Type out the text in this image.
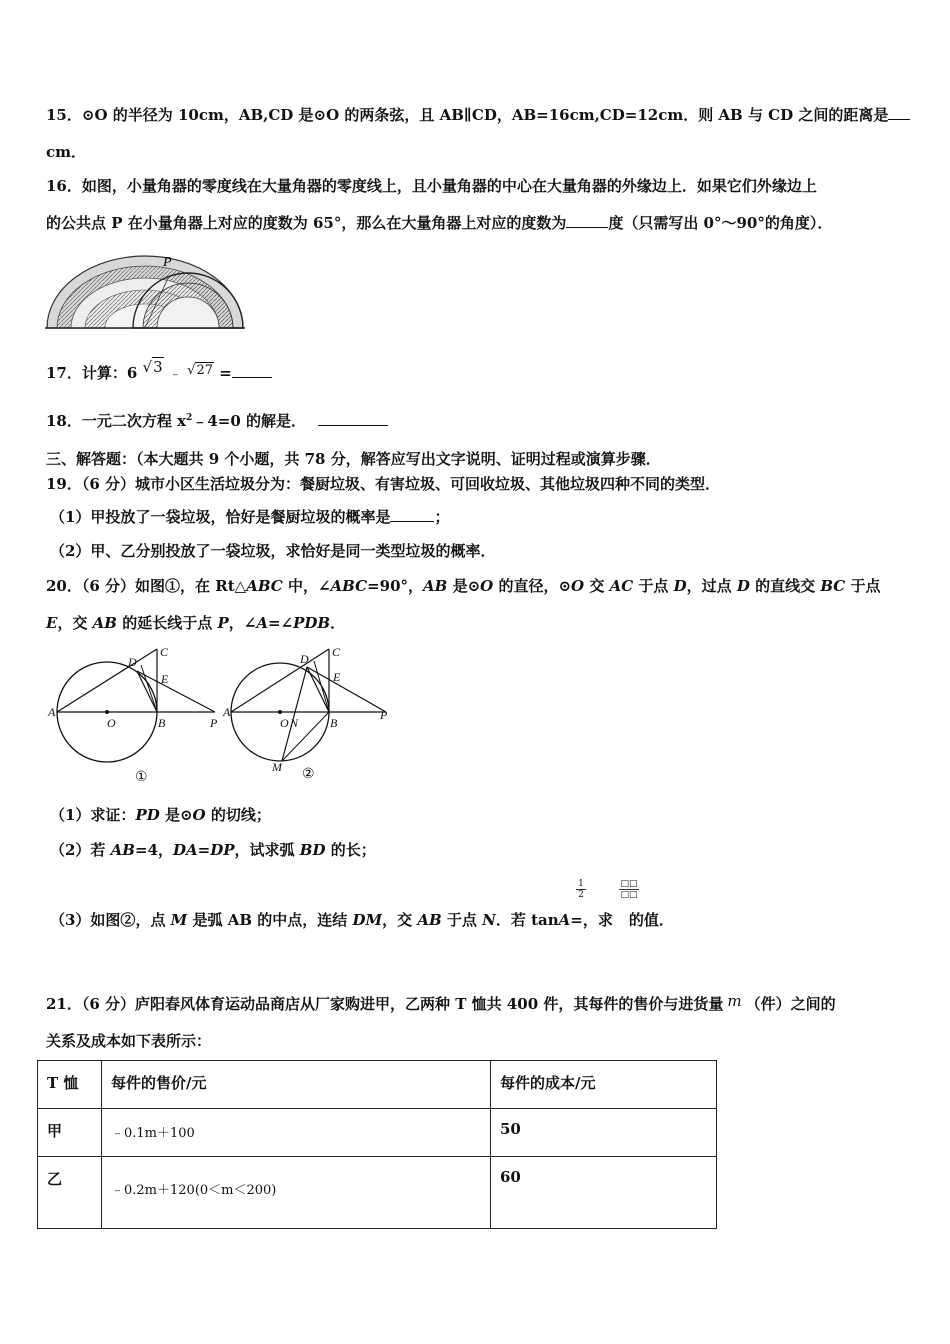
15．⊙O 的半径为 10cm，AB,CD 是⊙O 的两条弦，且 AB∥CD，AB=16cm,CD=12cm．则 AB 与 CD 之间的距离是
cm．
16．如图，小量角器的零度线在大量角器的零度线上，且小量角器的中心在大量角器的外缘边上．如果它们外缘边上
的公共点 P 在小量角器上对应的度数为 65°，那么在大量角器上对应的度数为	度（只需写出 0°～90°的角度）．
P
17．计算：6 √3 ﹣ √27 =
18．一元二次方程 $x^2﹣4=0$ 的解是．
三、解答题：（本大题共 9 个小题，共 78 分，解答应写出文字说明、证明过程或演算步骤．
19．（6 分）城市小区生活垃圾分为：餐厨垃圾、有害垃圾、可回收垃圾、其他垃圾四种不同的类型．
（1）甲投放了一袋垃圾，恰好是餐厨垃圾的概率是	；
（2）甲、乙分别投放了一袋垃圾，求恰好是同一类型垃圾的概率．
20．（6 分）如图①，在 Rt△ABC 中，∠ABC=90°，AB 是⊙O 的直径，⊙O 交 AC 于点 D，过点 D 的直线交 BC 于点
E，交 AB 的延长线于点 P，∠A=∠PDB．
A
O	B	P
D
C
E
①
A
O N	B
P
D C
E
M ②
（1）求证：PD 是⊙O 的切线；
（2）若 AB=4，DA=DP，试求弧 BD 的长；
$\frac{1}{2}$	□□
□□
（3）如图②，点 M 是弧 AB 的中点，连结 DM，交 AB 于点 N．若 tanA=，求 的值．
21．（6 分）庐阳春风体育运动品商店从厂家购进甲，乙两种 T 恤共 400 件，其每件的售价与进货量 m （件）之间的
关系及成本如下表所示：
T 恤	每件的售价/元	每件的成本/元
甲	﹣0.1m＋100	50
乙	﹣0.2m＋120(0＜m＜200)	60
